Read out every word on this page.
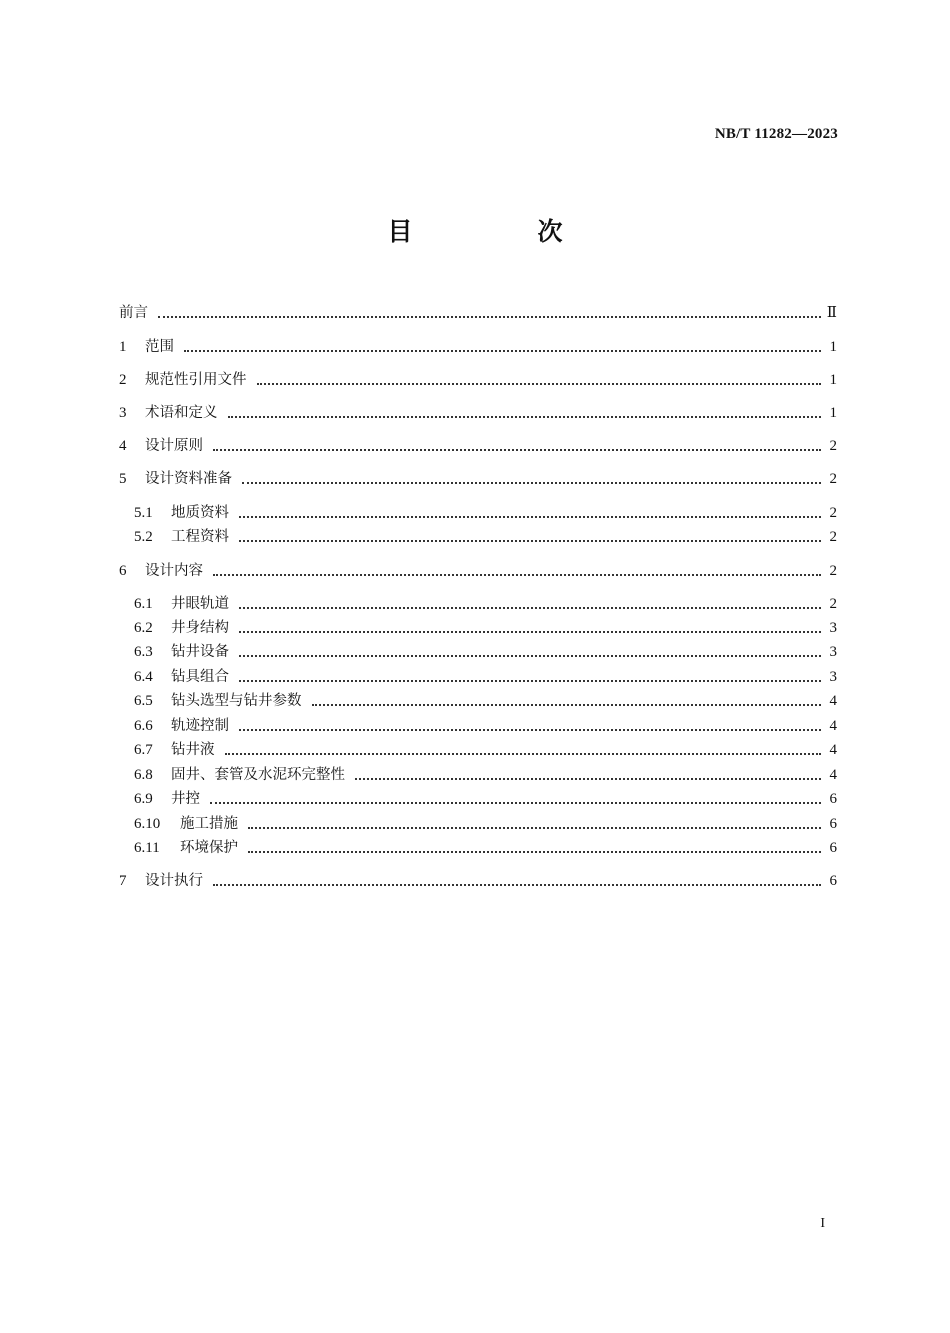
NB/T 11282—2023
目　次
前言	Ⅱ
1	范围	1
2	规范性引用文件	1
3	术语和定义	1
4	设计原则	2
5	设计资料准备	2
5.1	地质资料	2
5.2	工程资料	2
6	设计内容	2
6.1	井眼轨道	2
6.2	井身结构	3
6.3	钻井设备	3
6.4	钻具组合	3
6.5	钻头选型与钻井参数	4
6.6	轨迹控制	4
6.7	钻井液	4
6.8	固井、套管及水泥环完整性	4
6.9	井控	6
6.10	施工措施	6
6.11	环境保护	6
7	设计执行	6
I
